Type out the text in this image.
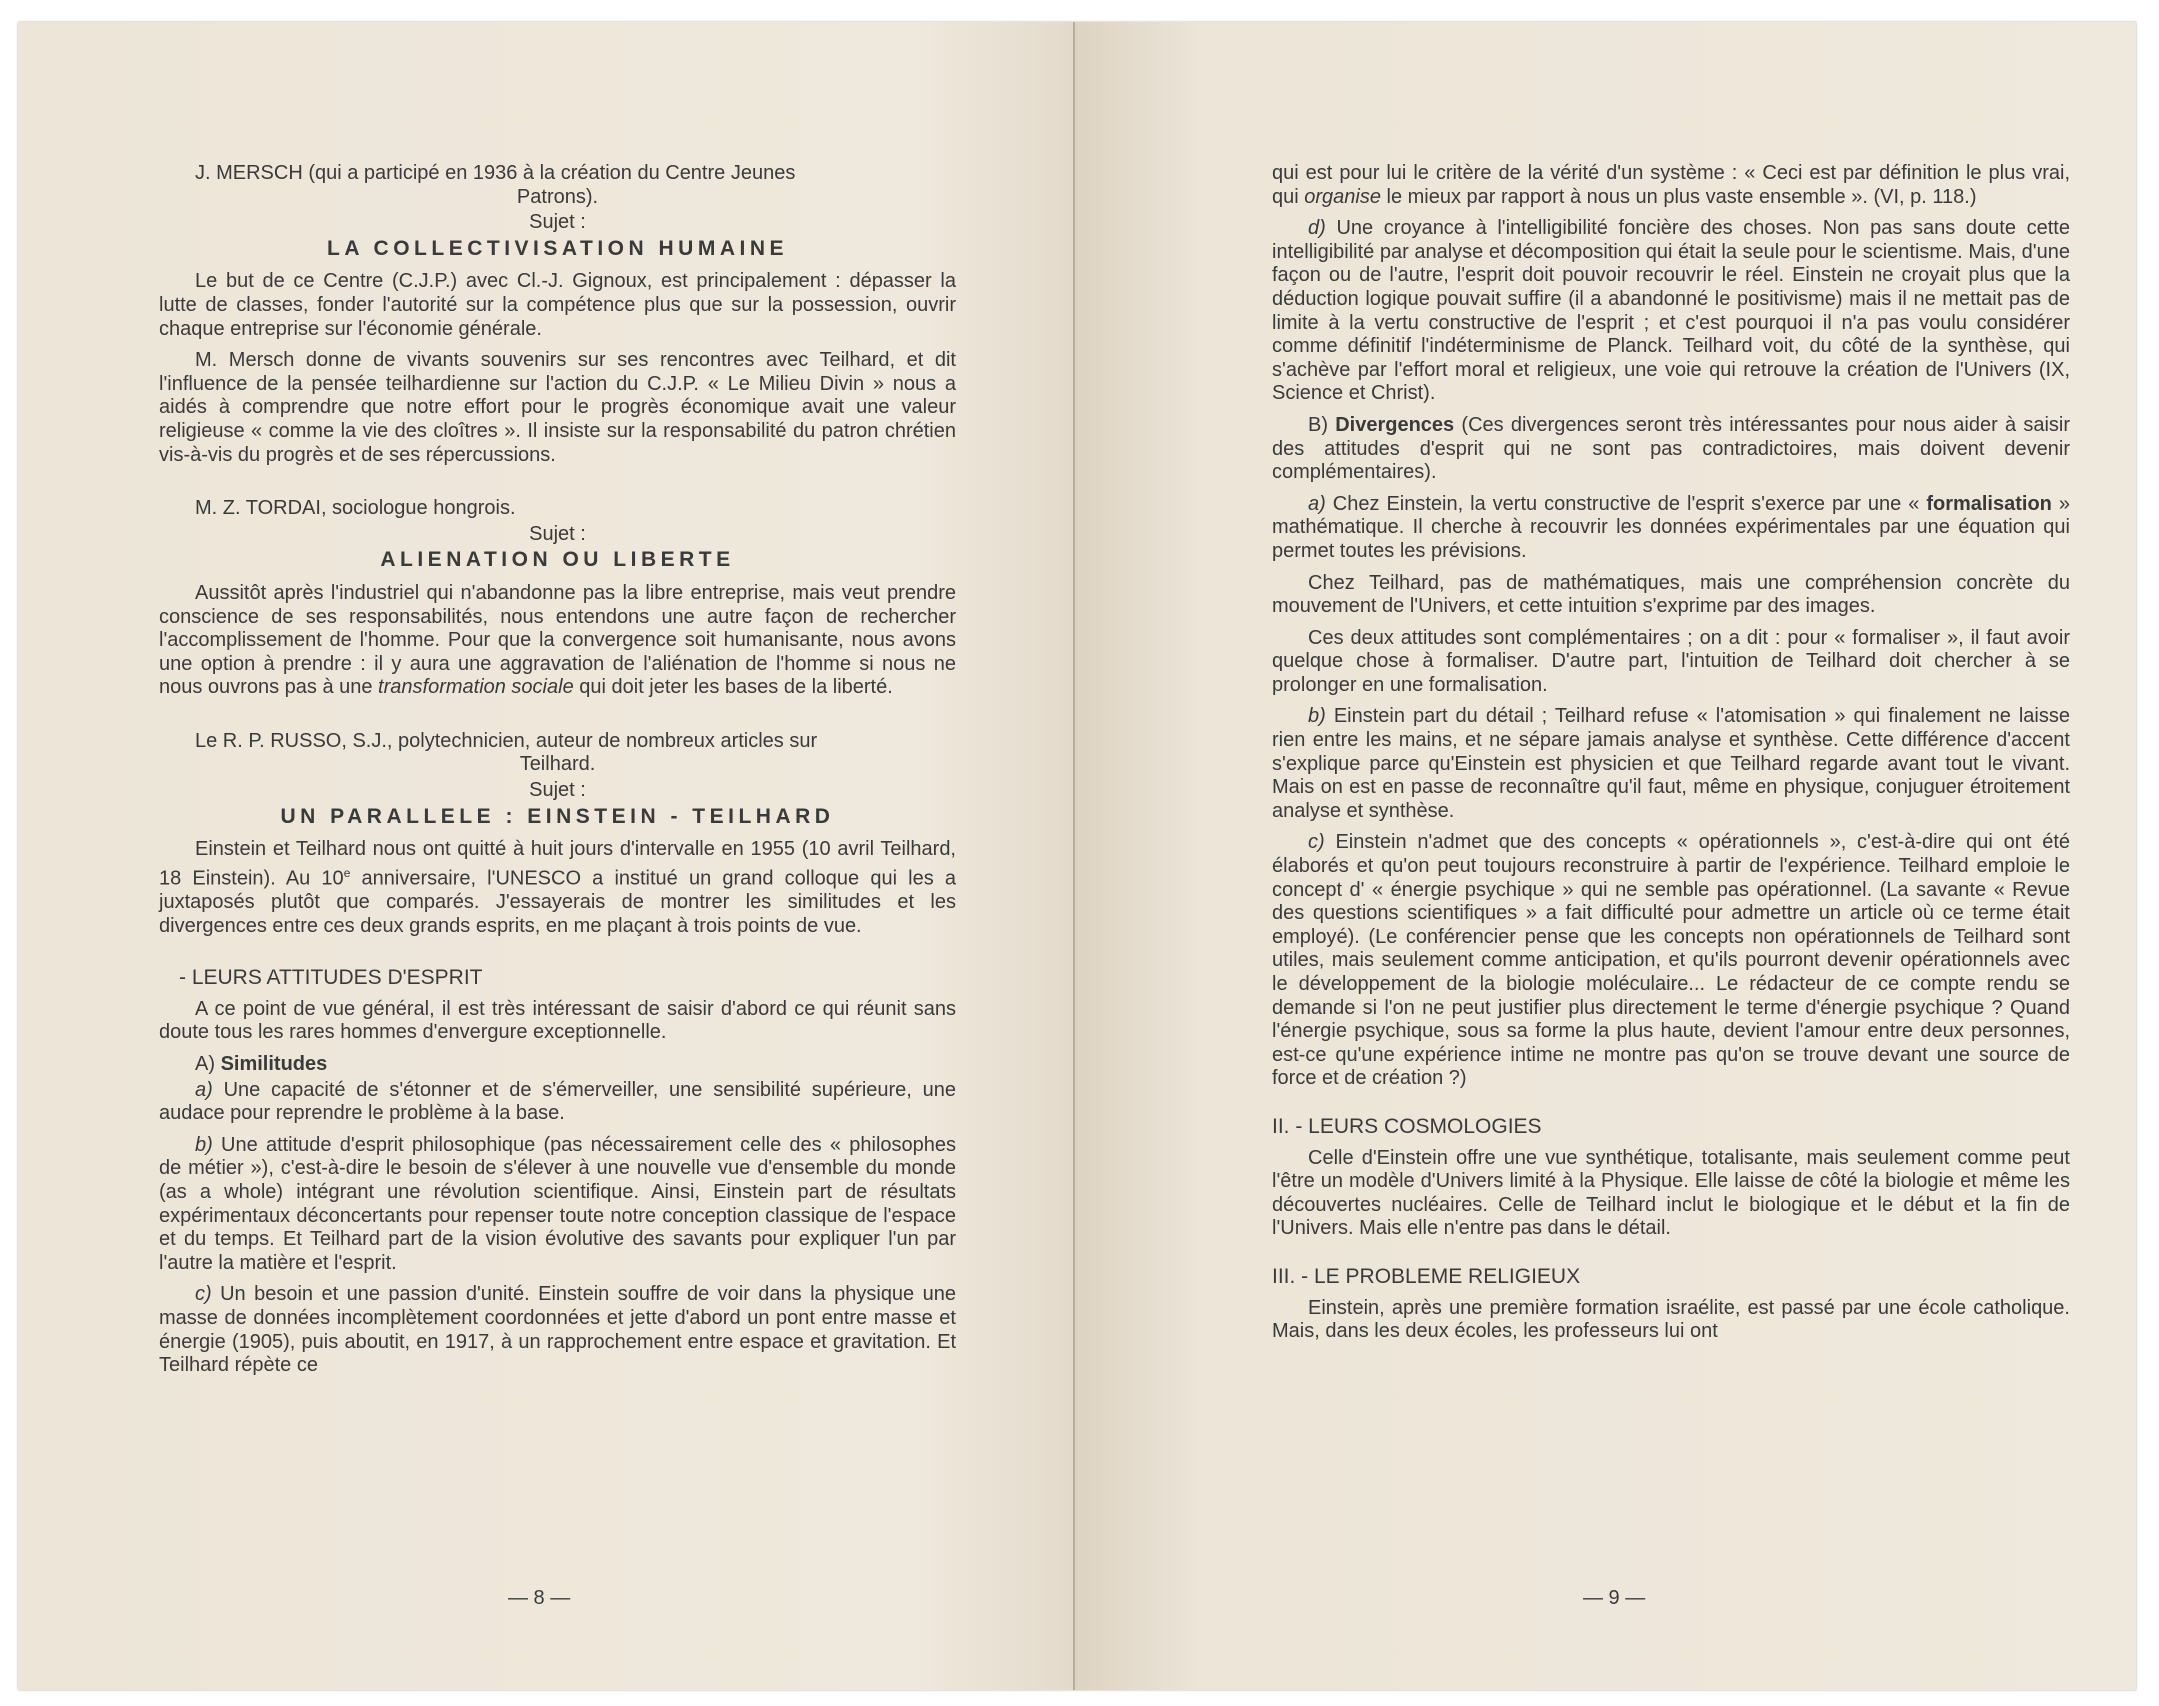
J. MERSCH (qui a participé en 1936 à la création du Centre Jeunes
Patrons).
Sujet :
LA COLLECTIVISATION HUMAINE

Le but de ce Centre (C.J.P.) avec Cl.-J. Gignoux, est principalement : dépasser la lutte de classes, fonder l'autorité sur la compétence plus que sur la possession, ouvrir chaque entreprise sur l'économie générale.

M. Mersch donne de vivants souvenirs sur ses rencontres avec Teilhard, et dit l'influence de la pensée teilhardienne sur l'action du C.J.P. « Le Milieu Divin » nous a aidés à comprendre que notre effort pour le progrès économique avait une valeur religieuse « comme la vie des cloîtres ». Il insiste sur la responsabilité du patron chrétien vis-à-vis du progrès et de ses répercussions.

M. Z. TORDAI, sociologue hongrois.
Sujet :
ALIENATION OU LIBERTE

Aussitôt après l'industriel qui n'abandonne pas la libre entreprise, mais veut prendre conscience de ses responsabilités, nous entendons une autre façon de rechercher l'accomplissement de l'homme. Pour que la convergence soit humanisante, nous avons une option à prendre : il y aura une aggravation de l'aliénation de l'homme si nous ne nous ouvrons pas à une transformation sociale qui doit jeter les bases de la liberté.

Le R. P. RUSSO, S.J., polytechnicien, auteur de nombreux articles sur
Teilhard.
Sujet :
UN PARALLELE : EINSTEIN - TEILHARD

Einstein et Teilhard nous ont quitté à huit jours d'intervalle en 1955 (10 avril Teilhard, 18 Einstein). Au 10e anniversaire, l'UNESCO a institué un grand colloque qui les a juxtaposés plutôt que comparés. J'essayerais de montrer les similitudes et les divergences entre ces deux grands esprits, en me plaçant à trois points de vue.

- LEURS ATTITUDES D'ESPRIT

A ce point de vue général, il est très intéressant de saisir d'abord ce qui réunit sans doute tous les rares hommes d'envergure exceptionnelle.

A) Similitudes

a) Une capacité de s'étonner et de s'émerveiller, une sensibilité supérieure, une audace pour reprendre le problème à la base.

b) Une attitude d'esprit philosophique (pas nécessairement celle des « philosophes de métier »), c'est-à-dire le besoin de s'élever à une nouvelle vue d'ensemble du monde (as a whole) intégrant une révolution scientifique. Ainsi, Einstein part de résultats expérimentaux déconcertants pour repenser toute notre conception classique de l'espace et du temps. Et Teilhard part de la vision évolutive des savants pour expliquer l'un par l'autre la matière et l'esprit.

c) Un besoin et une passion d'unité. Einstein souffre de voir dans la physique une masse de données incomplètement coordonnées et jette d'abord un pont entre masse et énergie (1905), puis aboutit, en 1917, à un rapprochement entre espace et gravitation. Et Teilhard répète ce

— 8 —

qui est pour lui le critère de la vérité d'un système : « Ceci est par définition le plus vrai, qui organise le mieux par rapport à nous un plus vaste ensemble ». (VI, p. 118.)

d) Une croyance à l'intelligibilité foncière des choses. Non pas sans doute cette intelligibilité par analyse et décomposition qui était la seule pour le scientisme. Mais, d'une façon ou de l'autre, l'esprit doit pouvoir recouvrir le réel. Einstein ne croyait plus que la déduction logique pouvait suffire (il a abandonné le positivisme) mais il ne mettait pas de limite à la vertu constructive de l'esprit ; et c'est pourquoi il n'a pas voulu considérer comme définitif l'indéterminisme de Planck. Teilhard voit, du côté de la synthèse, qui s'achève par l'effort moral et religieux, une voie qui retrouve la création de l'Univers (IX, Science et Christ).

B) Divergences (Ces divergences seront très intéressantes pour nous aider à saisir des attitudes d'esprit qui ne sont pas contradictoires, mais doivent devenir complémentaires).

a) Chez Einstein, la vertu constructive de l'esprit s'exerce par une « formalisation » mathématique. Il cherche à recouvrir les données expérimentales par une équation qui permet toutes les prévisions.

Chez Teilhard, pas de mathématiques, mais une compréhension concrète du mouvement de l'Univers, et cette intuition s'exprime par des images.

Ces deux attitudes sont complémentaires ; on a dit : pour « formaliser », il faut avoir quelque chose à formaliser. D'autre part, l'intuition de Teilhard doit chercher à se prolonger en une formalisation.

b) Einstein part du détail ; Teilhard refuse « l'atomisation » qui finalement ne laisse rien entre les mains, et ne sépare jamais analyse et synthèse. Cette différence d'accent s'explique parce qu'Einstein est physicien et que Teilhard regarde avant tout le vivant. Mais on est en passe de reconnaître qu'il faut, même en physique, conjuguer étroitement analyse et synthèse.

c) Einstein n'admet que des concepts « opérationnels », c'est-à-dire qui ont été élaborés et qu'on peut toujours reconstruire à partir de l'expérience. Teilhard emploie le concept d' « énergie psychique » qui ne semble pas opérationnel. (La savante « Revue des questions scientifiques » a fait difficulté pour admettre un article où ce terme était employé). (Le conférencier pense que les concepts non opérationnels de Teilhard sont utiles, mais seulement comme anticipation, et qu'ils pourront devenir opérationnels avec le développement de la biologie moléculaire... Le rédacteur de ce compte rendu se demande si l'on ne peut justifier plus directement le terme d'énergie psychique ? Quand l'énergie psychique, sous sa forme la plus haute, devient l'amour entre deux personnes, est-ce qu'une expérience intime ne montre pas qu'on se trouve devant une source de force et de création ?)

II. - LEURS COSMOLOGIES

Celle d'Einstein offre une vue synthétique, totalisante, mais seulement comme peut l'être un modèle d'Univers limité à la Physique. Elle laisse de côté la biologie et même les découvertes nucléaires. Celle de Teilhard inclut le biologique et le début et la fin de l'Univers. Mais elle n'entre pas dans le détail.

III. - LE PROBLEME RELIGIEUX

Einstein, après une première formation israélite, est passé par une école catholique. Mais, dans les deux écoles, les professeurs lui ont

— 9 —
